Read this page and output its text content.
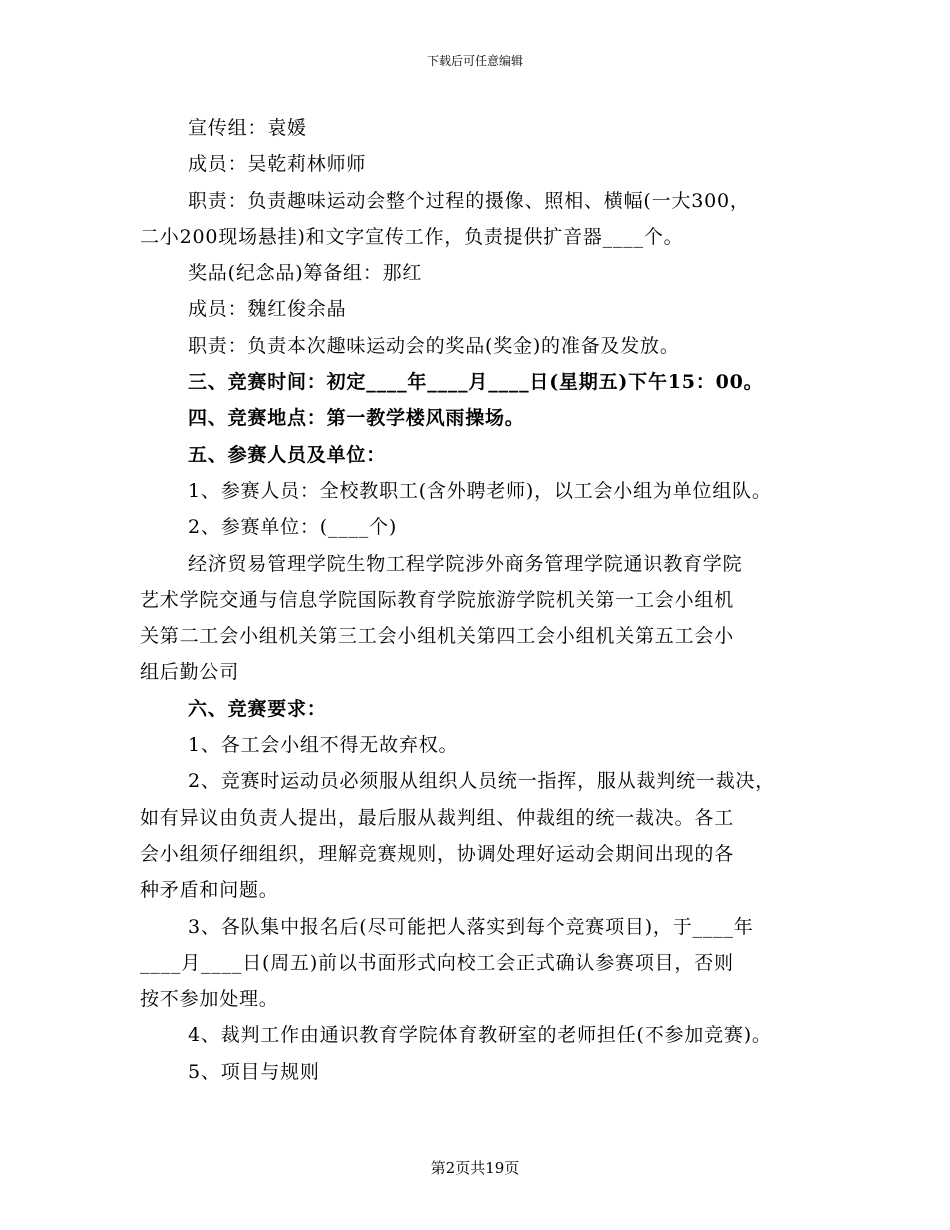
下载后可任意编辑

宣传组：袁媛

成员：吴乾莉林师师

职责：负责趣味运动会整个过程的摄像、照相、横幅(一大300，

二小200现场悬挂)和文字宣传工作，负责提供扩音器____个。

奖品(纪念品)筹备组：那红

成员：魏红俊余晶

职责：负责本次趣味运动会的奖品(奖金)的准备及发放。

三、竞赛时间：初定____年____月____日(星期五)下午15：00。

四、竞赛地点：第一教学楼风雨操场。

五、参赛人员及单位：

1、参赛人员：全校教职工(含外聘老师)，以工会小组为单位组队。

2、参赛单位：(____个)

经济贸易管理学院生物工程学院涉外商务管理学院通识教育学院

艺术学院交通与信息学院国际教育学院旅游学院机关第一工会小组机

关第二工会小组机关第三工会小组机关第四工会小组机关第五工会小

组后勤公司

六、竞赛要求：

1、各工会小组不得无故弃权。

2、竞赛时运动员必须服从组织人员统一指挥，服从裁判统一裁决，

如有异议由负责人提出，最后服从裁判组、仲裁组的统一裁决。各工

会小组须仔细组织，理解竞赛规则，协调处理好运动会期间出现的各

种矛盾和问题。

3、各队集中报名后(尽可能把人落实到每个竞赛项目)，于____年

____月____日(周五)前以书面形式向校工会正式确认参赛项目，否则

按不参加处理。

4、裁判工作由通识教育学院体育教研室的老师担任(不参加竞赛)。

5、项目与规则

第2页共19页
